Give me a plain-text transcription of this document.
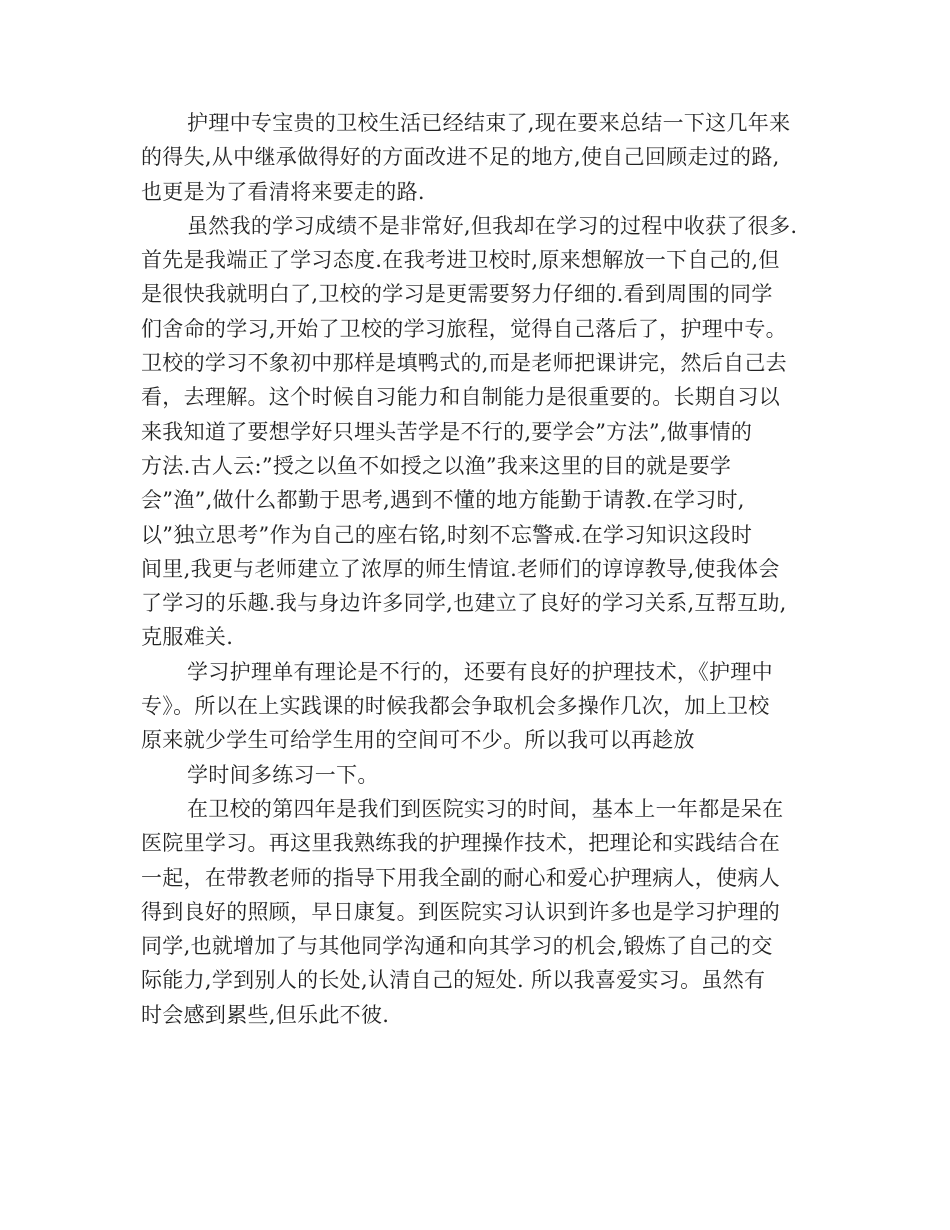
护理中专宝贵的卫校生活已经结束了,现在要来总结一下这几年来
的得失,从中继承做得好的方面改进不足的地方,使自己回顾走过的路,
也更是为了看清将来要走的路.
虽然我的学习成绩不是非常好,但我却在学习的过程中收获了很多.
首先是我端正了学习态度.在我考进卫校时,原来想解放一下自己的,但
是很快我就明白了,卫校的学习是更需要努力仔细的.看到周围的同学
们舍命的学习,开始了卫校的学习旅程，觉得自己落后了，护理中专。
卫校的学习不象初中那样是填鸭式的,而是老师把课讲完，然后自己去
看，去理解。这个时候自习能力和自制能力是很重要的。长期自习以
来我知道了要想学好只埋头苦学是不行的,要学会”方法”,做事情的
方法.古人云:”授之以鱼不如授之以渔”我来这里的目的就是要学
会”渔”,做什么都勤于思考,遇到不懂的地方能勤于请教.在学习时,
以”独立思考”作为自己的座右铭,时刻不忘警戒.在学习知识这段时
间里,我更与老师建立了浓厚的师生情谊.老师们的谆谆教导,使我体会
了学习的乐趣.我与身边许多同学,也建立了良好的学习关系,互帮互助,
克服难关.
学习护理单有理论是不行的，还要有良好的护理技术，《护理中
专》。所以在上实践课的时候我都会争取机会多操作几次，加上卫校
原来就少学生可给学生用的空间可不少。所以我可以再趁放
学时间多练习一下。
在卫校的第四年是我们到医院实习的时间，基本上一年都是呆在
医院里学习。再这里我熟练我的护理操作技术，把理论和实践结合在
一起，在带教老师的指导下用我全副的耐心和爱心护理病人，使病人
得到良好的照顾，早日康复。到医院实习认识到许多也是学习护理的
同学,也就增加了与其他同学沟通和向其学习的机会,锻炼了自己的交
际能力,学到别人的长处,认清自己的短处. 所以我喜爱实习。虽然有
时会感到累些,但乐此不彼.
